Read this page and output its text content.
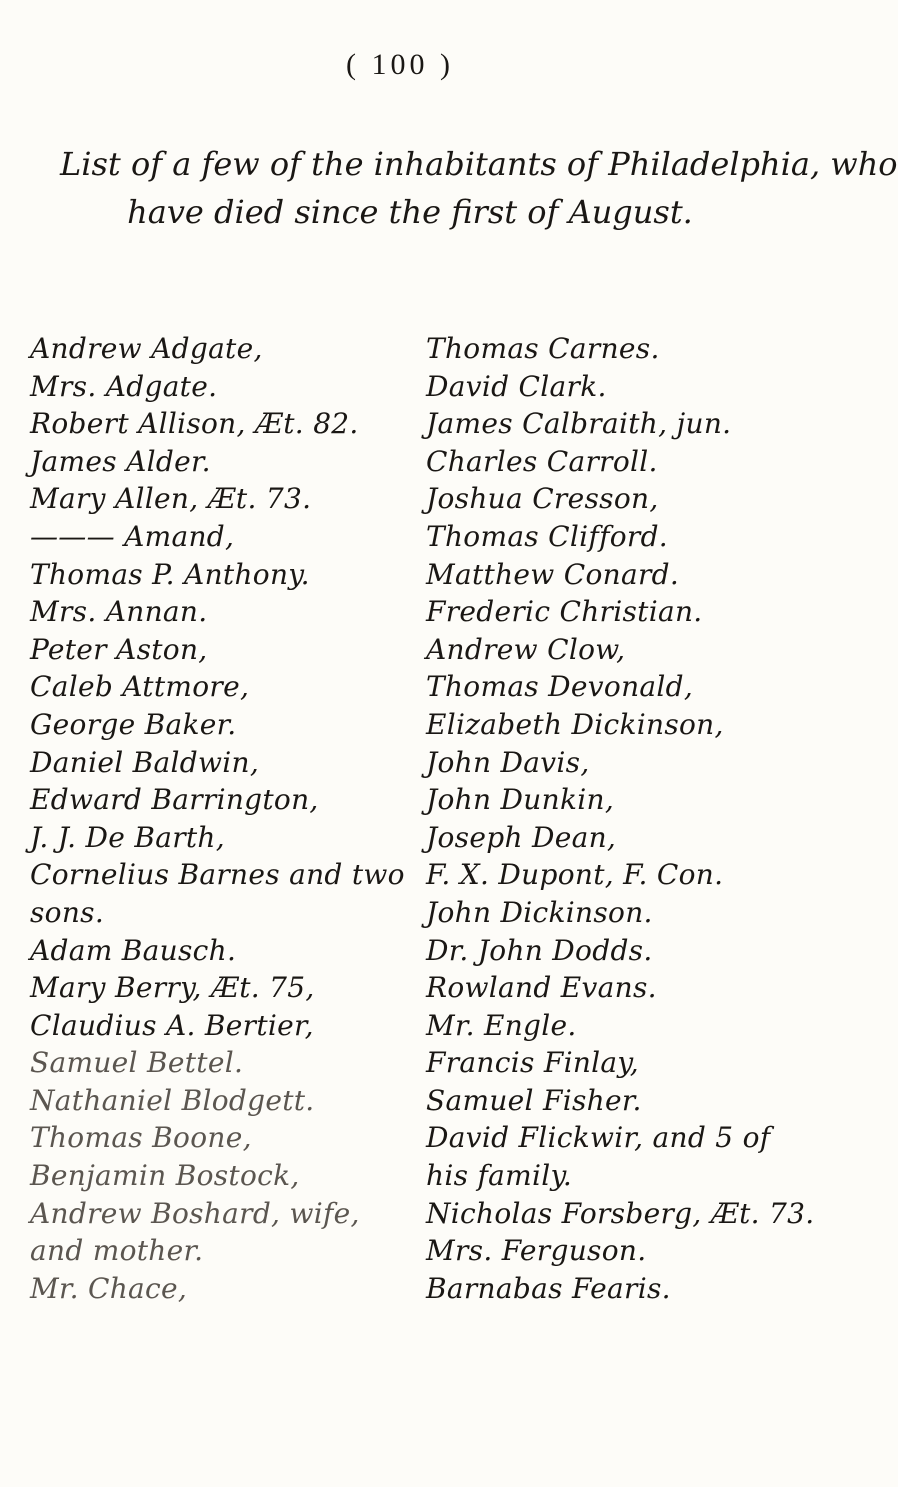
( 100 )
List of a few of the inhabitants of Philadelphia, who
have died since the first of August.
Andrew Adgate,
Mrs. Adgate.
Robert Allison, Æt. 82.
James Alder.
Mary Allen, Æt. 73.
——— Amand,
Thomas P. Anthony.
Mrs. Annan.
Peter Aston,
Caleb Attmore,
George Baker.
Daniel Baldwin,
Edward Barrington,
J. J. De Barth,
Cornelius Barnes and two
sons.
Adam Bausch.
Mary Berry, Æt. 75,
Claudius A. Bertier,
Samuel Bettel.
Nathaniel Blodgett.
Thomas Boone,
Benjamin Bostock,
Andrew Boshard, wife,
and mother.
Mr. Chace,
Thomas Carnes.
David Clark.
James Calbraith, jun.
Charles Carroll.
Joshua Cresson,
Thomas Clifford.
Matthew Conard.
Frederic Christian.
Andrew Clow,
Thomas Devonald,
Elizabeth Dickinson,
John Davis,
John Dunkin,
Joseph Dean,
F. X. Dupont, F. Con.
John Dickinson.
Dr. John Dodds.
Rowland Evans.
Mr. Engle.
Francis Finlay,
Samuel Fisher.
David Flickwir, and 5 of
his family.
Nicholas Forsberg, Æt. 73.
Mrs. Ferguson.
Barnabas Fearis.
